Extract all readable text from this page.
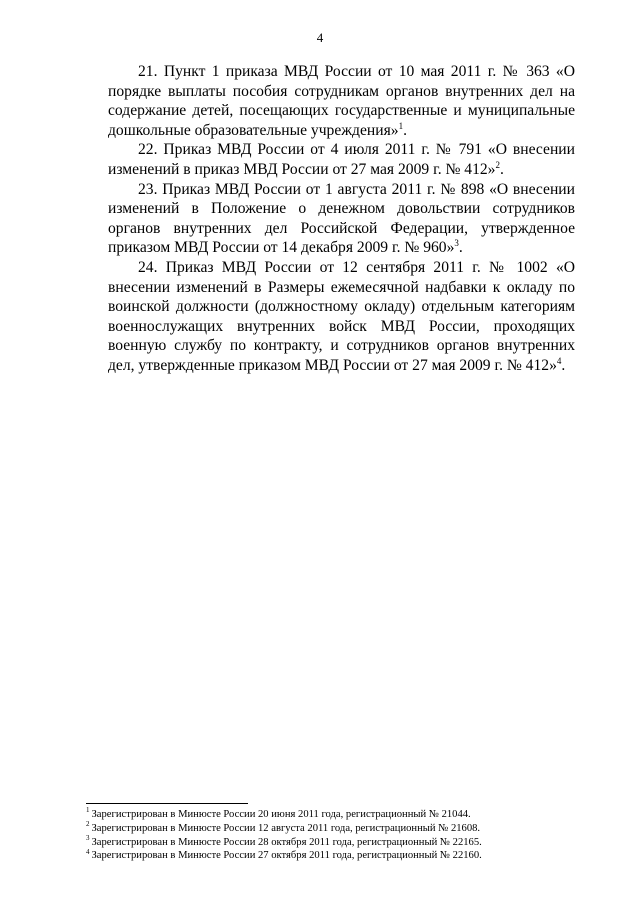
4

21. Пункт 1 приказа МВД России от 10 мая 2011 г. № 363 «О порядке выплаты пособия сотрудникам органов внутренних дел на содержание детей, посещающих государственные и муниципальные дошкольные образовательные учреждения»$^1$.

22. Приказ МВД России от 4 июля 2011 г. № 791 «О внесении изменений в приказ МВД России от 27 мая 2009 г. № 412»$^2$.

23. Приказ МВД России от 1 августа 2011 г. № 898 «О внесении изменений в Положение о денежном довольствии сотрудников органов внутренних дел Российской Федерации, утвержденное приказом МВД России от 14 декабря 2009 г. № 960»$^3$.

24. Приказ МВД России от 12 сентября 2011 г. № 1002 «О внесении изменений в Размеры ежемесячной надбавки к окладу по воинской должности (должностному окладу) отдельным категориям военнослужащих внутренних войск МВД России, проходящих военную службу по контракту, и сотрудников органов внутренних дел, утвержденные приказом МВД России от 27 мая 2009 г. № 412»$^4$.

$^1$ Зарегистрирован в Минюсте России 20 июня 2011 года, регистрационный № 21044.

$^2$ Зарегистрирован в Минюсте России 12 августа 2011 года, регистрационный № 21608.

$^3$ Зарегистрирован в Минюсте России 28 октября 2011 года, регистрационный № 22165.

$^4$ Зарегистрирован в Минюсте России 27 октября 2011 года, регистрационный № 22160.
